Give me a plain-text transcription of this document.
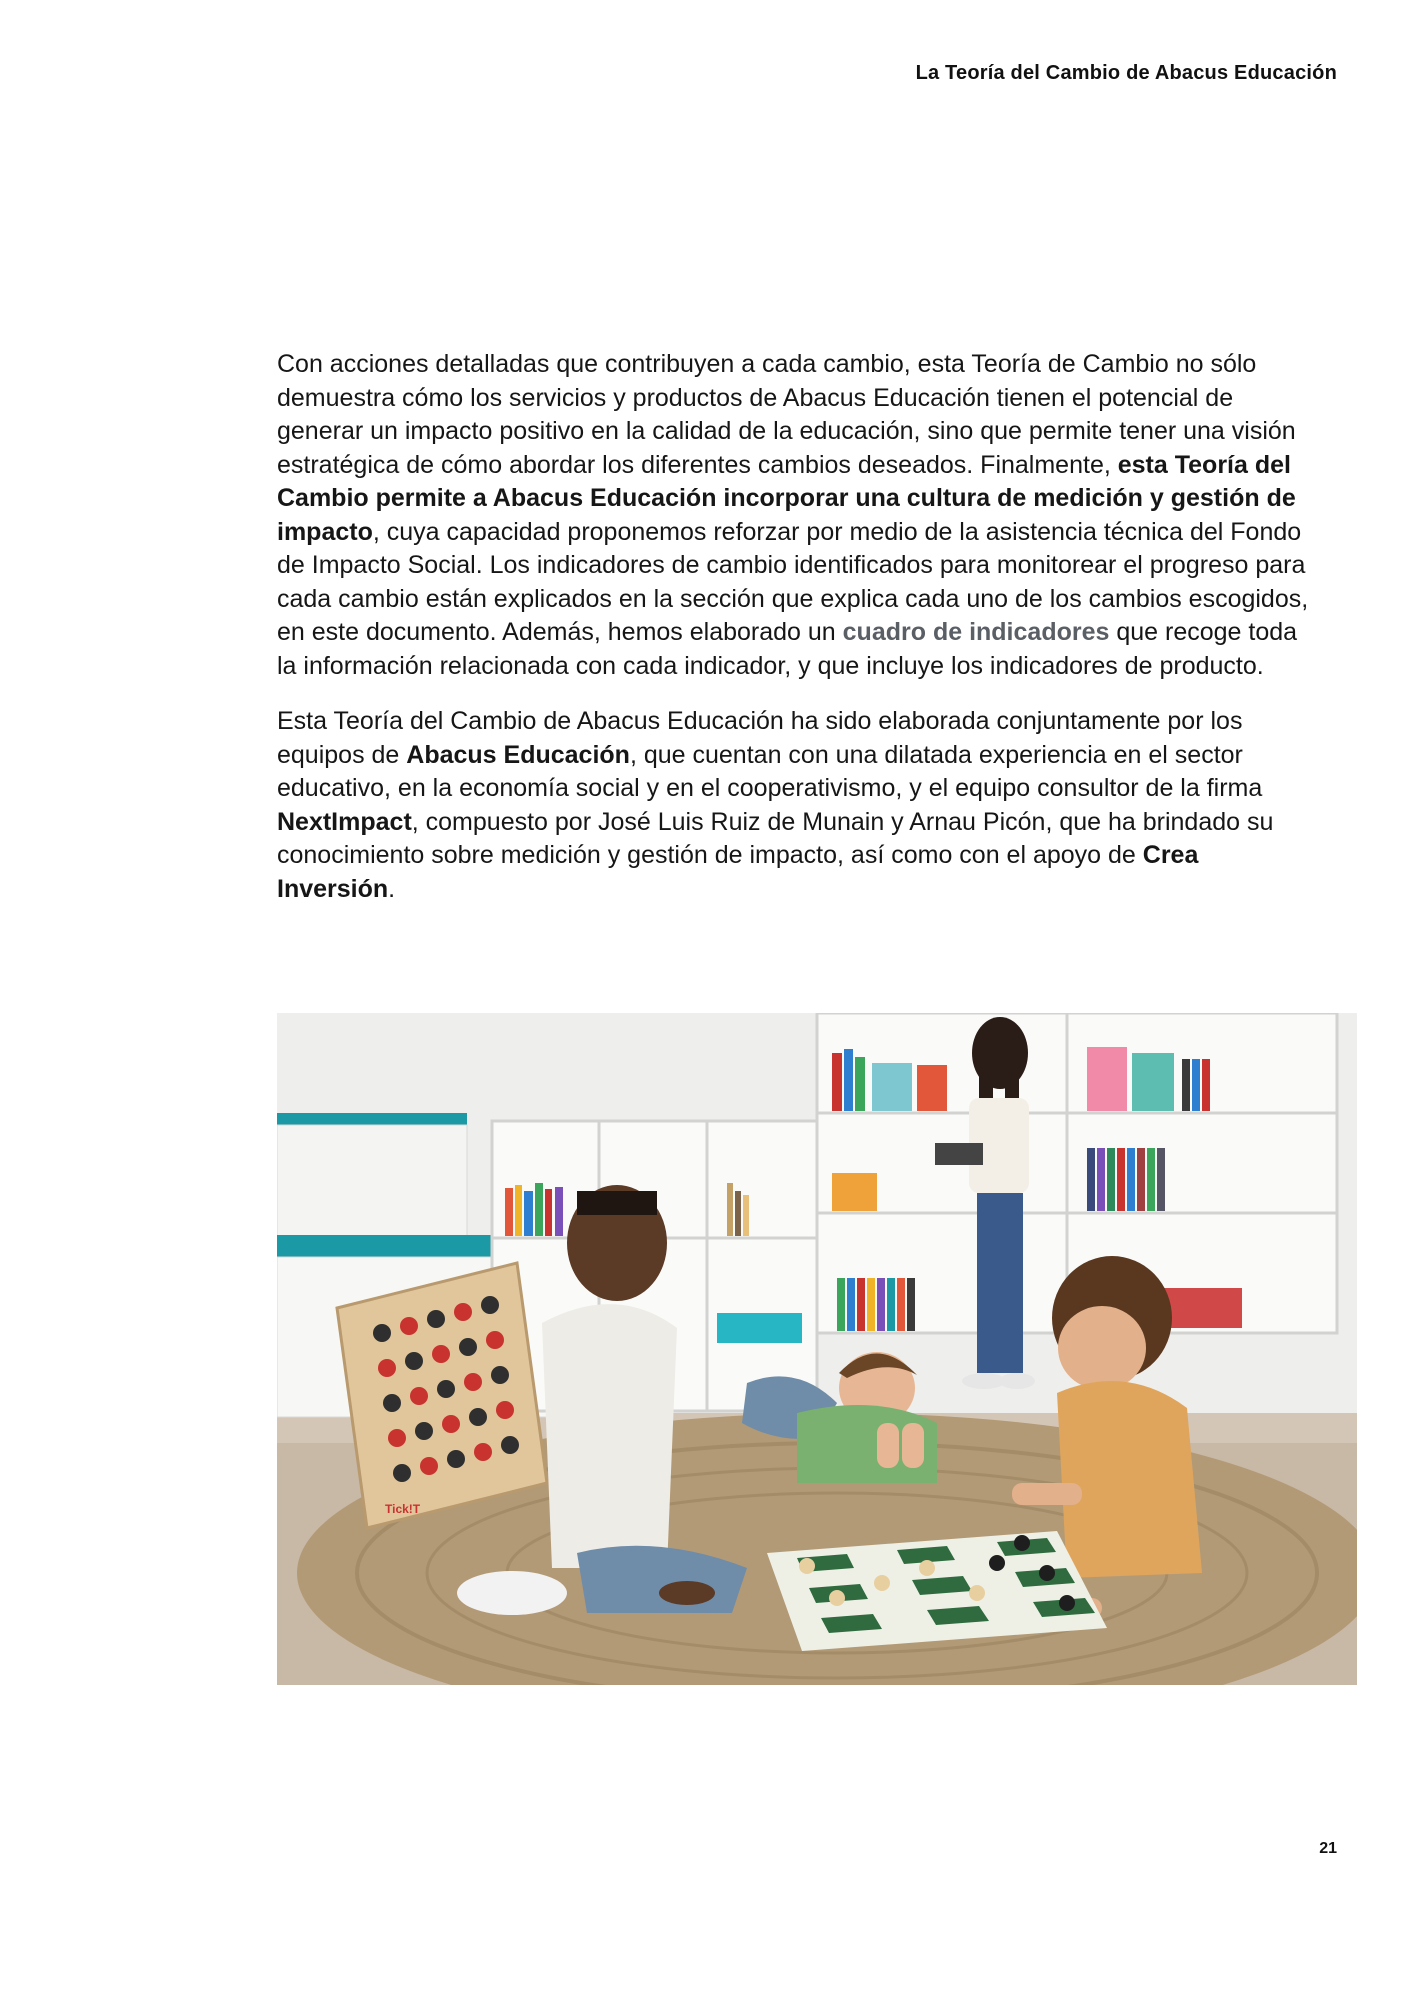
La Teoría del Cambio de Abacus Educación

Con acciones detalladas que contribuyen a cada cambio, esta Teoría de Cambio no sólo demuestra cómo los servicios y productos de Abacus Educación tienen el potencial de generar un impacto positivo en la calidad de la educación, sino que permite tener una visión estratégica de cómo abordar los diferentes cambios deseados. Finalmente, esta Teoría del Cambio permite a Abacus Educación incorporar una cultura de medición y gestión de impacto, cuya capacidad proponemos reforzar por medio de la asistencia técnica del Fondo de Impacto Social. Los indicadores de cambio identificados para monitorear el progreso para cada cambio están explicados en la sección que explica cada uno de los cambios escogidos, en este documento. Además, hemos elaborado un cuadro de indicadores que recoge toda la información relacionada con cada indicador, y que incluye los indicadores de producto.

Esta Teoría del Cambio de Abacus Educación ha sido elaborada conjuntamente por los equipos de Abacus Educación, que cuentan con una dilatada experiencia en el sector educativo, en la economía social y en el cooperativismo, y el equipo consultor de la firma NextImpact, compuesto por José Luis Ruiz de Munain y Arnau Picón, que ha brindado su conocimiento sobre medición y gestión de impacto, así como con el apoyo de Crea Inversión.

Tick!T
21
